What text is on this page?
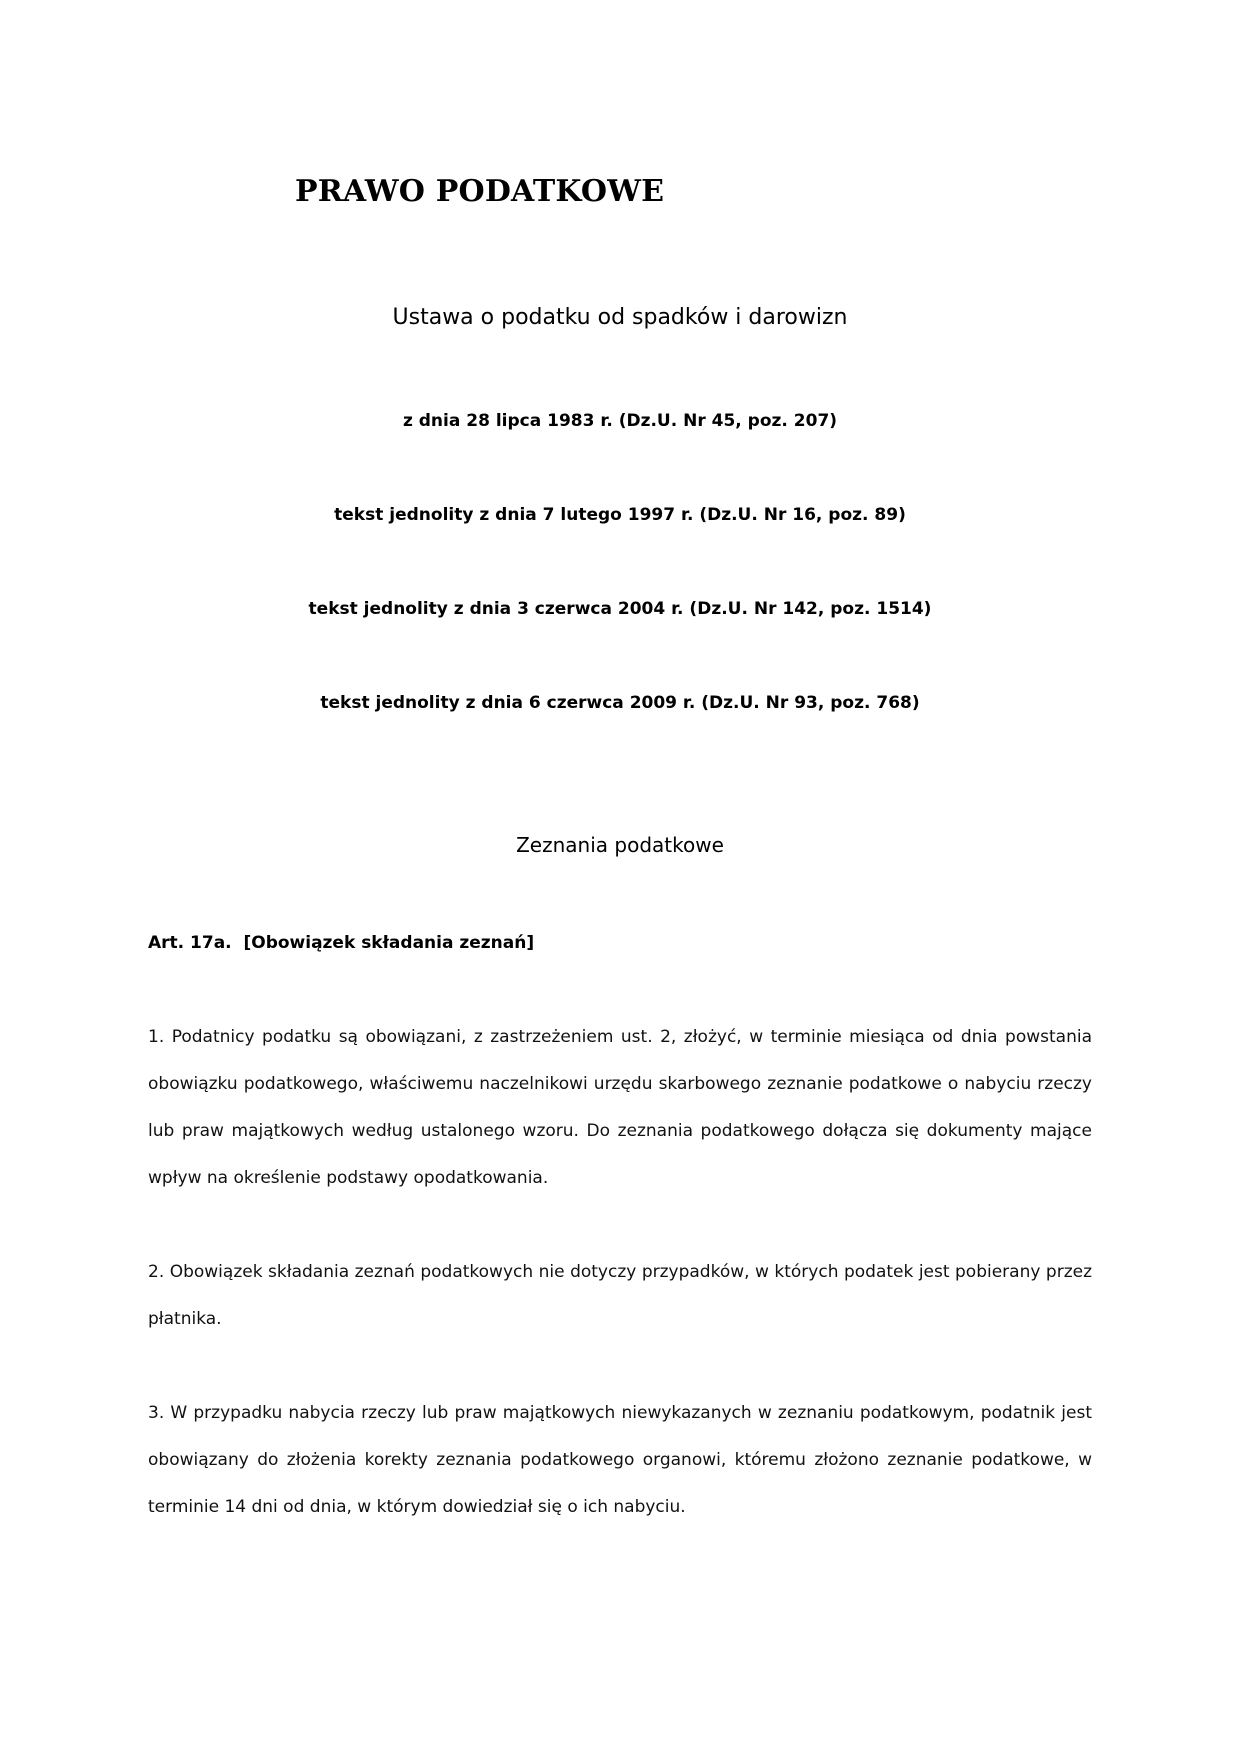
PRAWO PODATKOWE
Ustawa o podatku od spadków i darowizn
z dnia 28 lipca 1983 r. (Dz.U. Nr 45, poz. 207)
tekst jednolity z dnia 7 lutego 1997 r. (Dz.U. Nr 16, poz. 89)
tekst jednolity z dnia 3 czerwca 2004 r. (Dz.U. Nr 142, poz. 1514)
tekst jednolity z dnia 6 czerwca 2009 r. (Dz.U. Nr 93, poz. 768)
Zeznania podatkowe
Art. 17a.  [Obowiązek składania zeznań]

1. Podatnicy podatku są obowiązani, z zastrzeżeniem ust. 2, złożyć, w terminie miesiąca od dnia powstania obowiązku podatkowego, właściwemu naczelnikowi urzędu skarbowego zeznanie podatkowe o nabyciu rzeczy lub praw majątkowych według ustalonego wzoru. Do zeznania podatkowego dołącza się dokumenty mające wpływ na określenie podstawy opodatkowania.

2. Obowiązek składania zeznań podatkowych nie dotyczy przypadków, w których podatek jest pobierany przez płatnika.

3. W przypadku nabycia rzeczy lub praw majątkowych niewykazanych w zeznaniu podatkowym, podatnik jest obowiązany do złożenia korekty zeznania podatkowego organowi, któremu złożono zeznanie podatkowe, w terminie 14 dni od dnia, w którym dowiedział się o ich nabyciu.
